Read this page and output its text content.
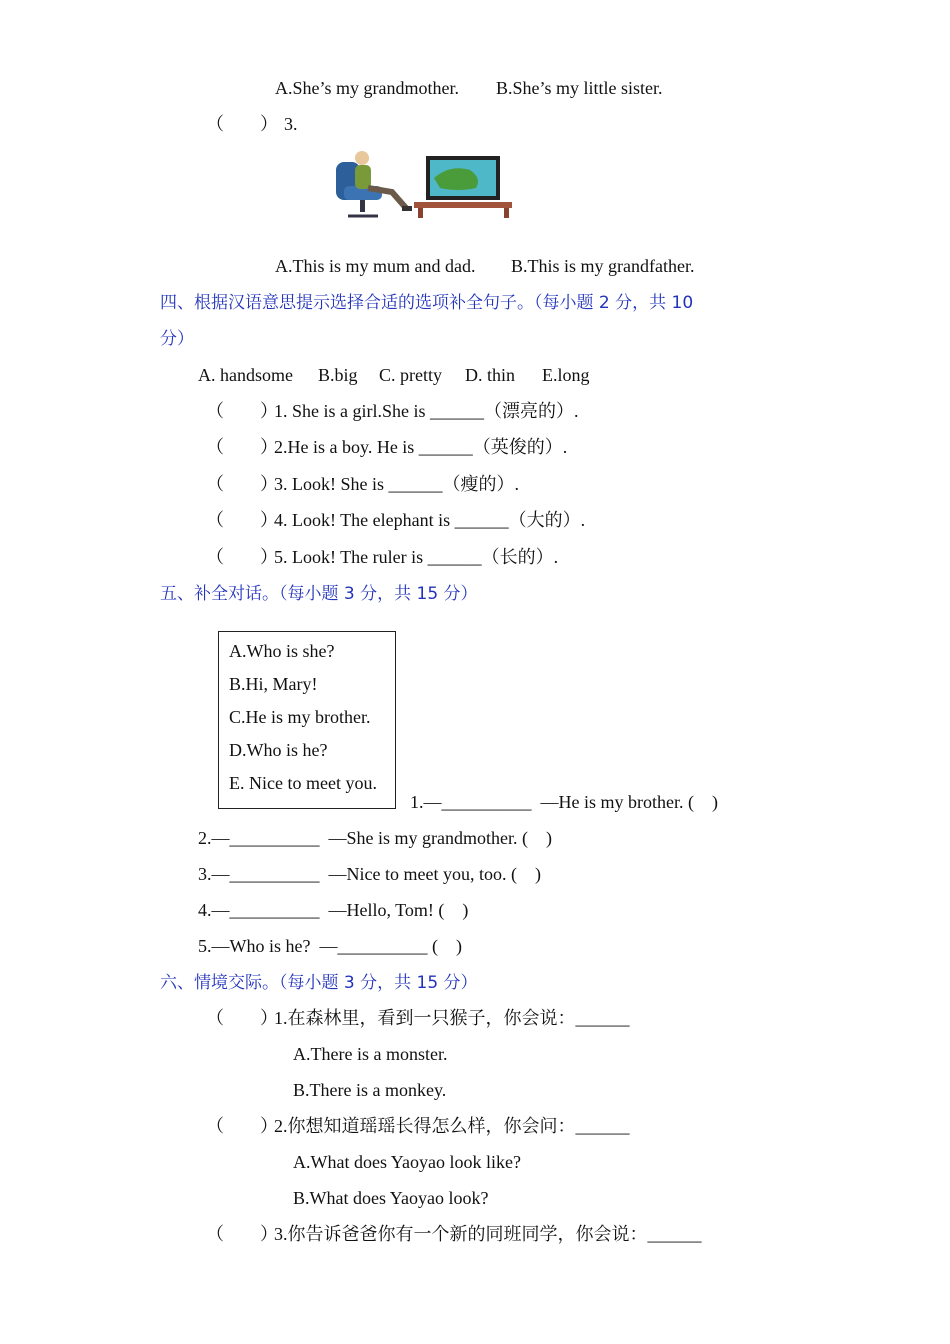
A.She’s my grandmother. B.She’s my little sister.
（　　） 3.
A.This is my mum and dad. B.This is my grandfather.
四、根据汉语意思提示选择合适的选项补全句子。（每小题 2 分，共 10
分）
A. handsome B.big C. pretty D. thin E.long
（　　）
1. She is a girl.She is ______（漂亮的）.
（　　）
2.He is a boy. He is ______（英俊的）.
（　　）
3. Look! She is ______（瘦的）.
（　　）
4. Look! The elephant is ______（大的）.
（　　）
5. Look! The ruler is ______（长的）.
五、补全对话。（每小题 3 分，共 15 分）
A.Who is she?
B.Hi, Mary!
C.He is my brother.
D.Who is he?
E. Nice to meet you.
1.—__________  —He is my brother. (    )
2.—__________  —She is my grandmother. (    )
3.—__________  —Nice to meet you, too. (    )
4.—__________  —Hello, Tom! (    )
5.—Who is he?  —__________ (    )
六、情境交际。（每小题 3 分，共 15 分）
（　　）
1.在森林里，看到一只猴子，你会说：______
A.There is a monster.
B.There is a monkey.
（　　）
2.你想知道瑶瑶长得怎么样，你会问：______
A.What does Yaoyao look like?
B.What does Yaoyao look?
（　　）
3.你告诉爸爸你有一个新的同班同学，你会说：______
